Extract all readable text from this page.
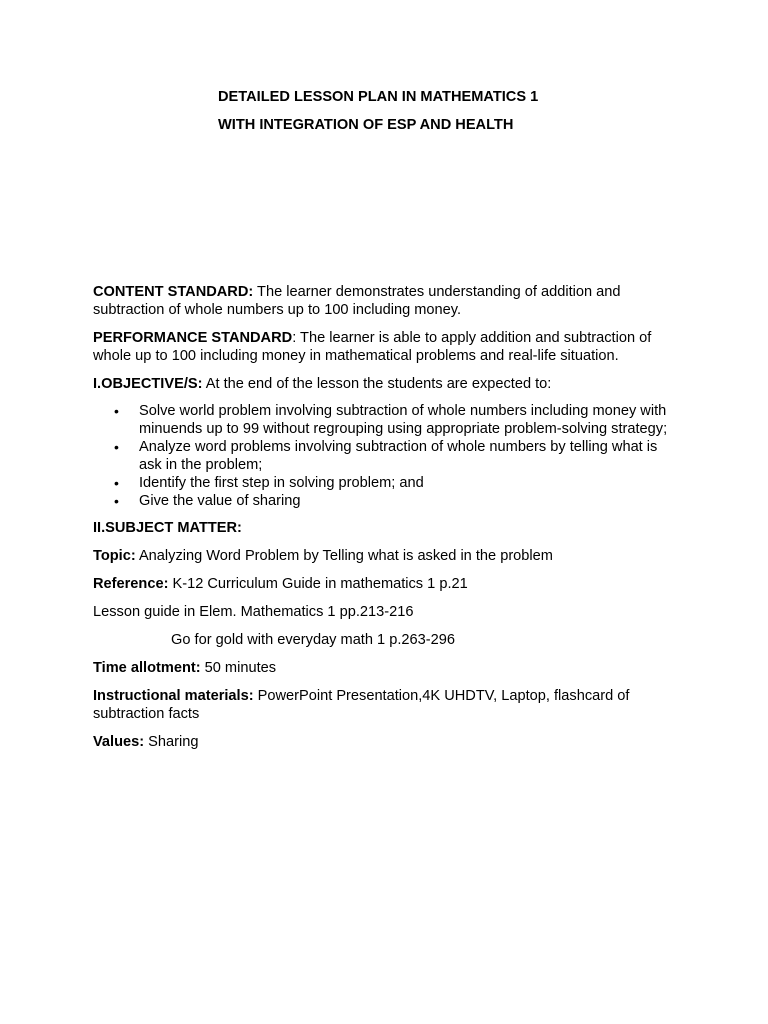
DETAILED LESSON PLAN IN MATHEMATICS 1
WITH INTEGRATION OF ESP AND HEALTH

CONTENT STANDARD: The learner demonstrates understanding of addition and subtraction of whole numbers up to 100 including money.

PERFORMANCE STANDARD: The learner is able to apply addition and subtraction of whole up to 100 including money in mathematical problems and real-life situation.

I.OBJECTIVE/S: At the end of the lesson the students are expected to:

• Solve world problem involving subtraction of whole numbers including money with minuends up to 99 without regrouping using appropriate problem-solving strategy;
• Analyze word problems involving subtraction of whole numbers by telling what is ask in the problem;
• Identify the first step in solving problem; and
• Give the value of sharing

II.SUBJECT MATTER:

Topic: Analyzing Word Problem by Telling what is asked in the problem

Reference: K-12 Curriculum Guide in mathematics 1 p.21

Lesson guide in Elem. Mathematics 1 pp.213-216

Go for gold with everyday math 1 p.263-296

Time allotment: 50 minutes

Instructional materials: PowerPoint Presentation,4K UHDTV, Laptop, flashcard of subtraction facts

Values: Sharing
